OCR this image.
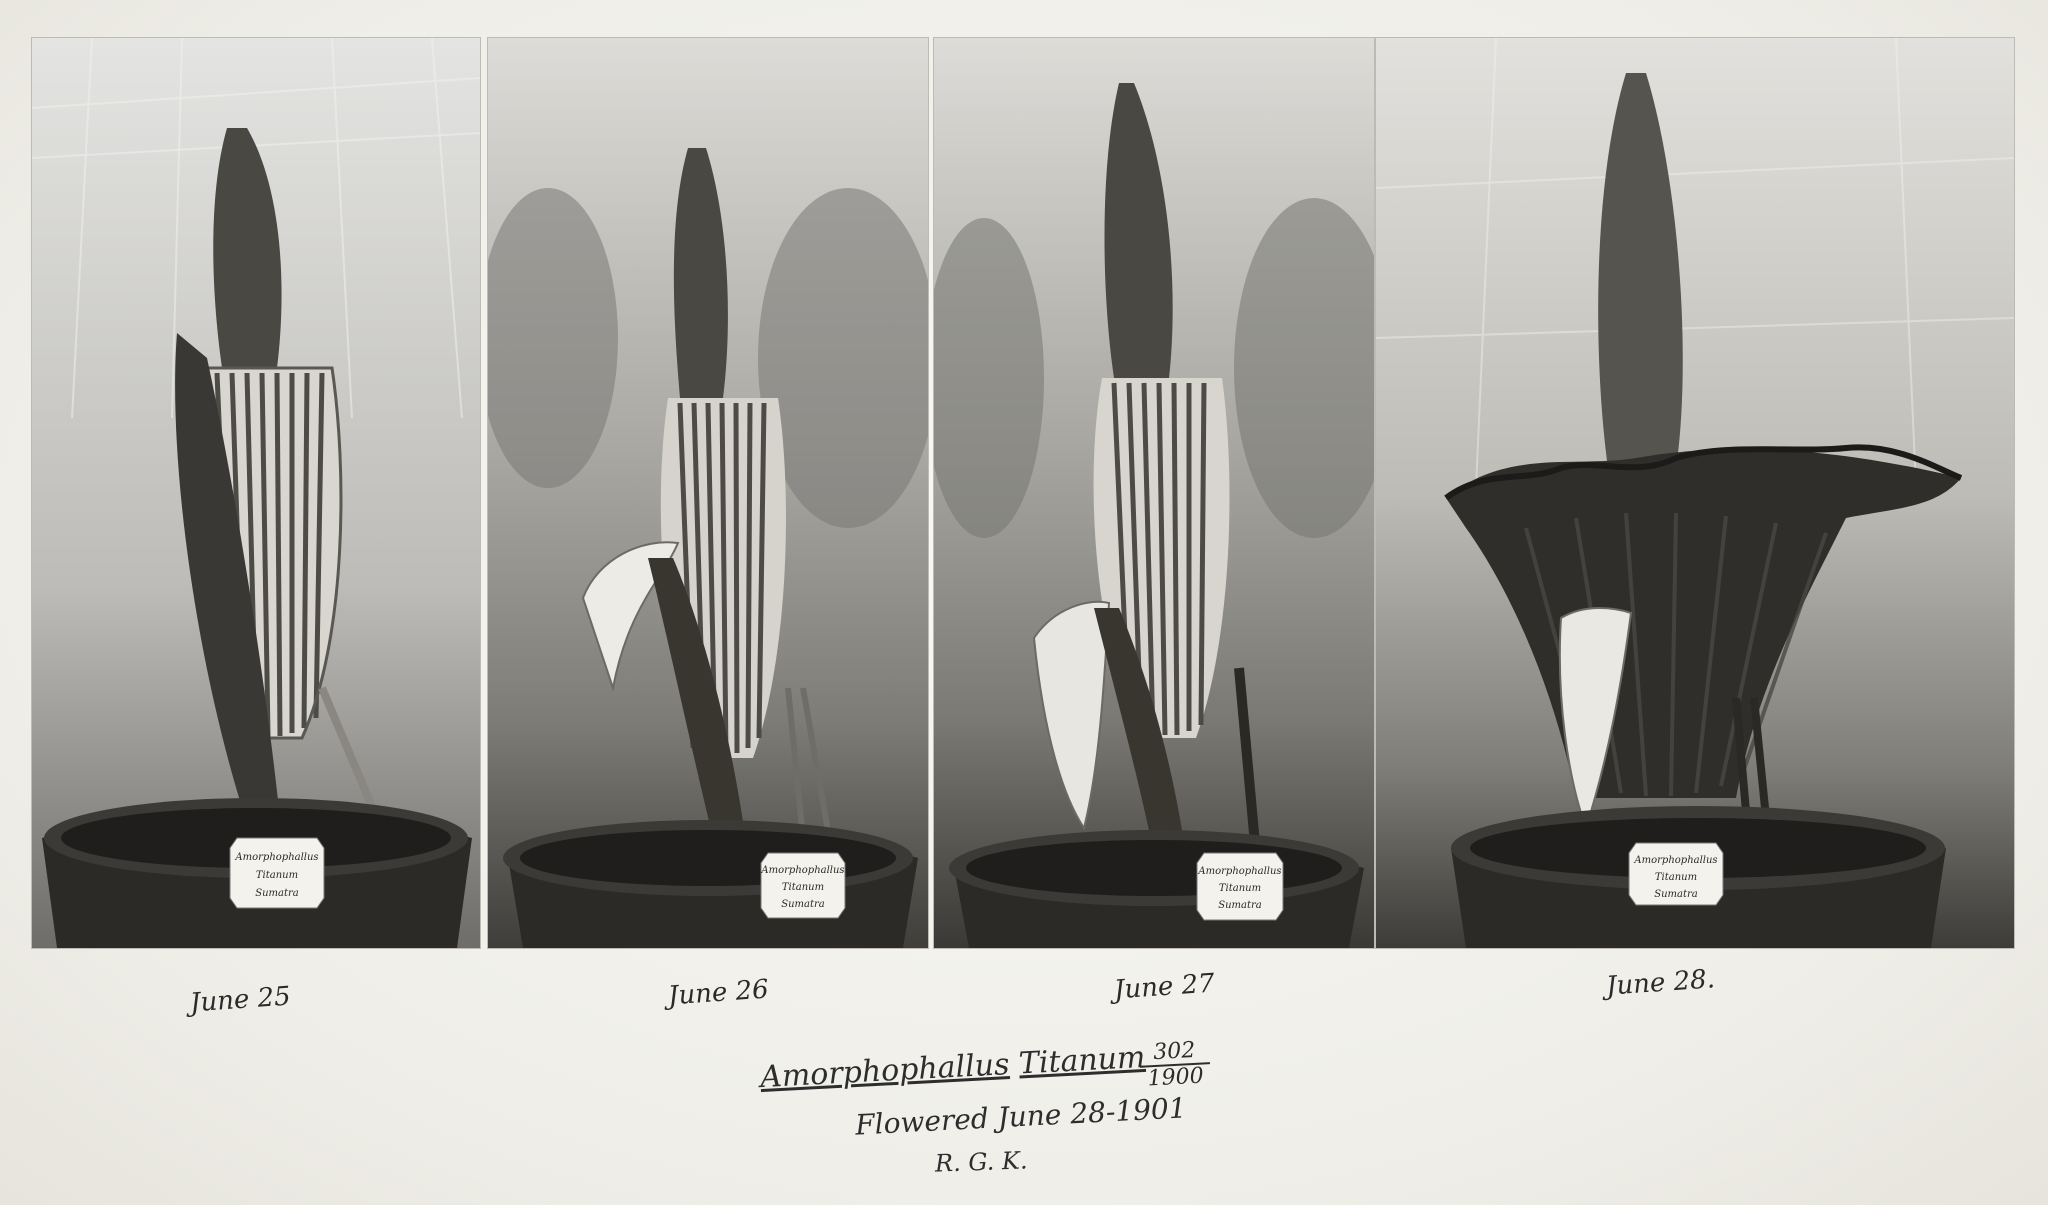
Amorphophallus
Titanum
Sumatra
Amorphophallus
Titanum
Sumatra
Amorphophallus
Titanum
Sumatra
Amorphophallus
Titanum
Sumatra
June 25	June 26	June 27	June 28.
Amorphophallus Titanum
$\frac{302}{1900}$
Flowered June 28-1901
R. G. K.
